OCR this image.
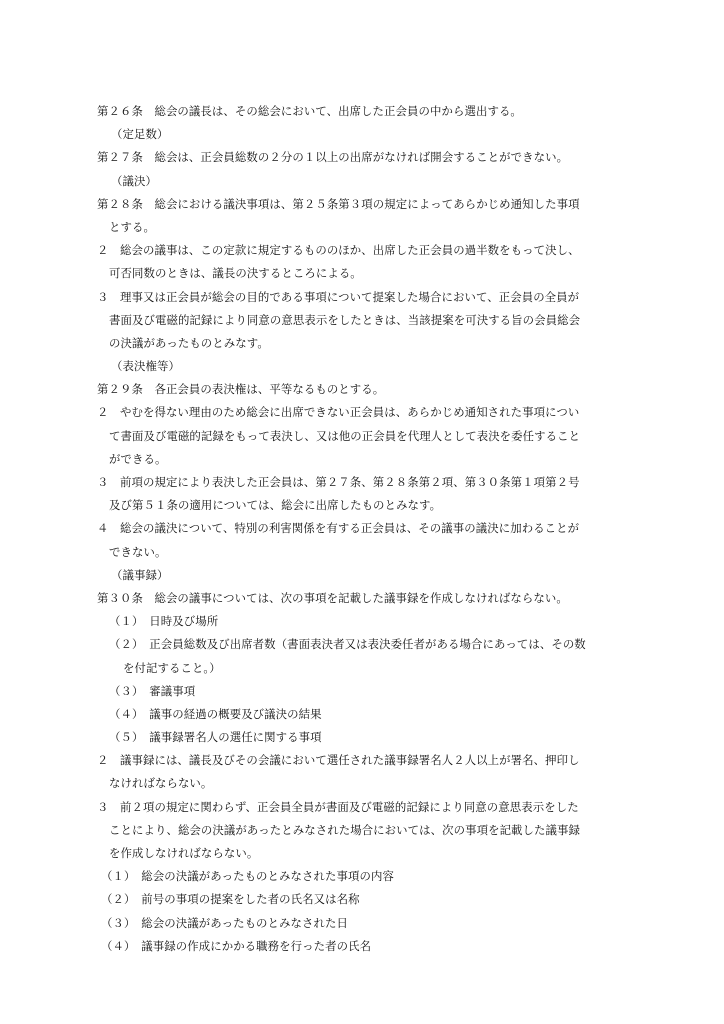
第２６条　総会の議長は、その総会において、出席した正会員の中から選出する。
（定足数）
第２７条　総会は、正会員総数の２分の１以上の出席がなければ開会することができない。
（議決）
第２８条　総会における議決事項は、第２５条第３項の規定によってあらかじめ通知した事項
とする。
２　総会の議事は、この定款に規定するもののほか、出席した正会員の過半数をもって決し、
可否同数のときは、議長の決するところによる。
３　理事又は正会員が総会の目的である事項について提案した場合において、正会員の全員が
書面及び電磁的記録により同意の意思表示をしたときは、当該提案を可決する旨の会員総会
の決議があったものとみなす。
（表決権等）
第２９条　各正会員の表決権は、平等なるものとする。
２　やむを得ない理由のため総会に出席できない正会員は、あらかじめ通知された事項につい
て書面及び電磁的記録をもって表決し、又は他の正会員を代理人として表決を委任すること
ができる。
３　前項の規定により表決した正会員は、第２７条、第２８条第２項、第３０条第１項第２号
及び第５１条の適用については、総会に出席したものとみなす。
４　総会の議決について、特別の利害関係を有する正会員は、その議事の議決に加わることが
できない。
（議事録）
第３０条　総会の議事については、次の事項を記載した議事録を作成しなければならない。
（１）　日時及び場所
（２）　正会員総数及び出席者数（書面表決者又は表決委任者がある場合にあっては、その数
を付記すること。）
（３）　審議事項
（４）　議事の経過の概要及び議決の結果
（５）　議事録署名人の選任に関する事項
２　議事録には、議長及びその会議において選任された議事録署名人２人以上が署名、押印し
なければならない。
３　前２項の規定に関わらず、正会員全員が書面及び電磁的記録により同意の意思表示をした
ことにより、総会の決議があったとみなされた場合においては、次の事項を記載した議事録
を作成しなければならない。
（１）　総会の決議があったものとみなされた事項の内容
（２）　前号の事項の提案をした者の氏名又は名称
（３）　総会の決議があったものとみなされた日
（４）　議事録の作成にかかる職務を行った者の氏名
